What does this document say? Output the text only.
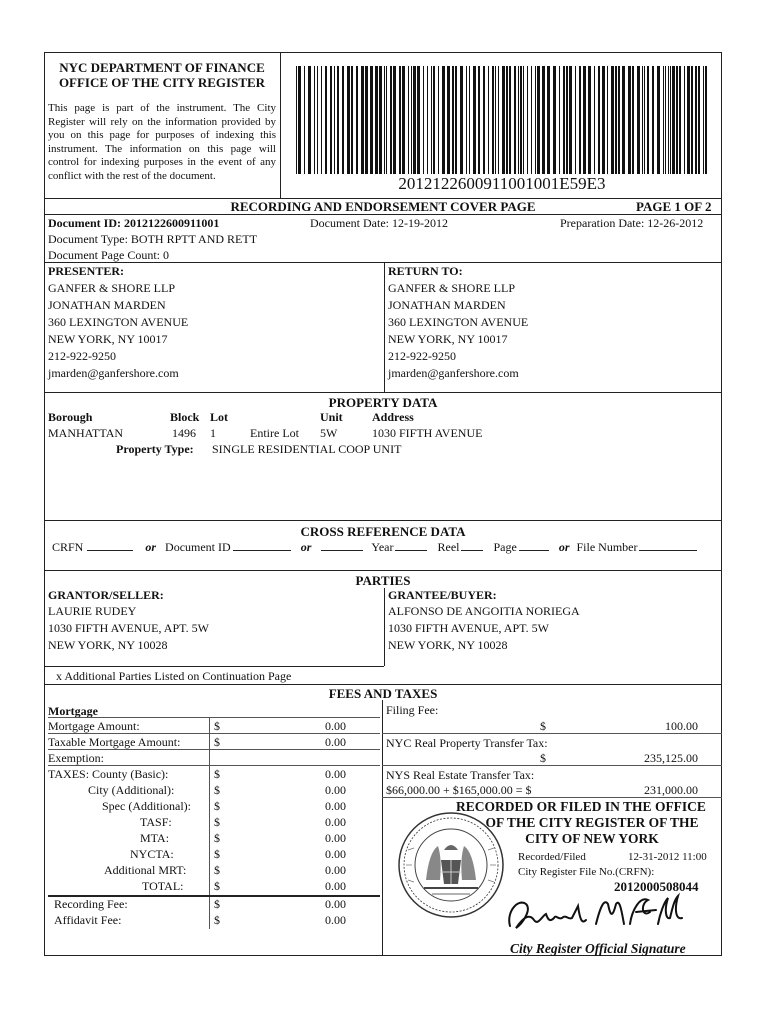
NYC DEPARTMENT OF FINANCE
OFFICE OF THE CITY REGISTER
This page is part of the instrument. The City Register will rely on the information provided by you on this page for purposes of indexing this instrument. The information on this page will control for indexing purposes in the event of any conflict with the rest of the document.	2012122600911001001E59E3
RECORDING AND ENDORSEMENT COVER PAGE	PAGE 1 OF 2
Document ID: 2012122600911001	Document Date: 12-19-2012	Preparation Date: 12-26-2012
Document Type: BOTH RPTT AND RETT
Document Page Count: 0
PRESENTER:
GANFER & SHORE LLP
JONATHAN MARDEN
360 LEXINGTON AVENUE
NEW YORK, NY 10017
212-922-9250
jmarden@ganfershore.com
RETURN TO:
GANFER & SHORE LLP
JONATHAN MARDEN
360 LEXINGTON AVENUE
NEW YORK, NY 10017
212-922-9250
jmarden@ganfershore.com
PROPERTY DATA
Borough	Block Lot	Unit Address
MANHATTAN	1496 1	Entire Lot 5W	1030 FIFTH AVENUE
Property Type: SINGLE RESIDENTIAL COOP UNIT
CROSS REFERENCE DATA
CRFN	or Document ID	or	Year	Reel	Page	or File Number
PARTIES
GRANTOR/SELLER:
LAURIE RUDEY
1030 FIFTH AVENUE, APT. 5W
NEW YORK, NY 10028
GRANTEE/BUYER:
ALFONSO DE ANGOITIA NORIEGA
1030 FIFTH AVENUE, APT. 5W
NEW YORK, NY 10028
x Additional Parties Listed on Continuation Page
FEES AND TAXES
Mortgage
Mortgage Amount:	$	0.00
Taxable Mortgage Amount:	$	0.00
Exemption:
TAXES: County (Basic):	$	0.00
City (Additional):	$	0.00
Spec (Additional): $	0.00
TASF:	$	0.00
MTA:	$	0.00
NYCTA:	$	0.00
Additional MRT: $	0.00
TOTAL:	$	0.00
Recording Fee:	$	0.00
Affidavit Fee:	$	0.00
Filing Fee:
$	100.00
NYC Real Property Transfer Tax:
$	235,125.00
NYS Real Estate Transfer Tax:
$66,000.00 + $165,000.00 = $	231,000.00
RECORDED OR FILED IN THE OFFICE
OF THE CITY REGISTER OF THE
CITY OF NEW YORK
Recorded/Filed	12-31-2012 11:00
City Register File No.(CRFN):
2012000508044
City Register Official Signature
